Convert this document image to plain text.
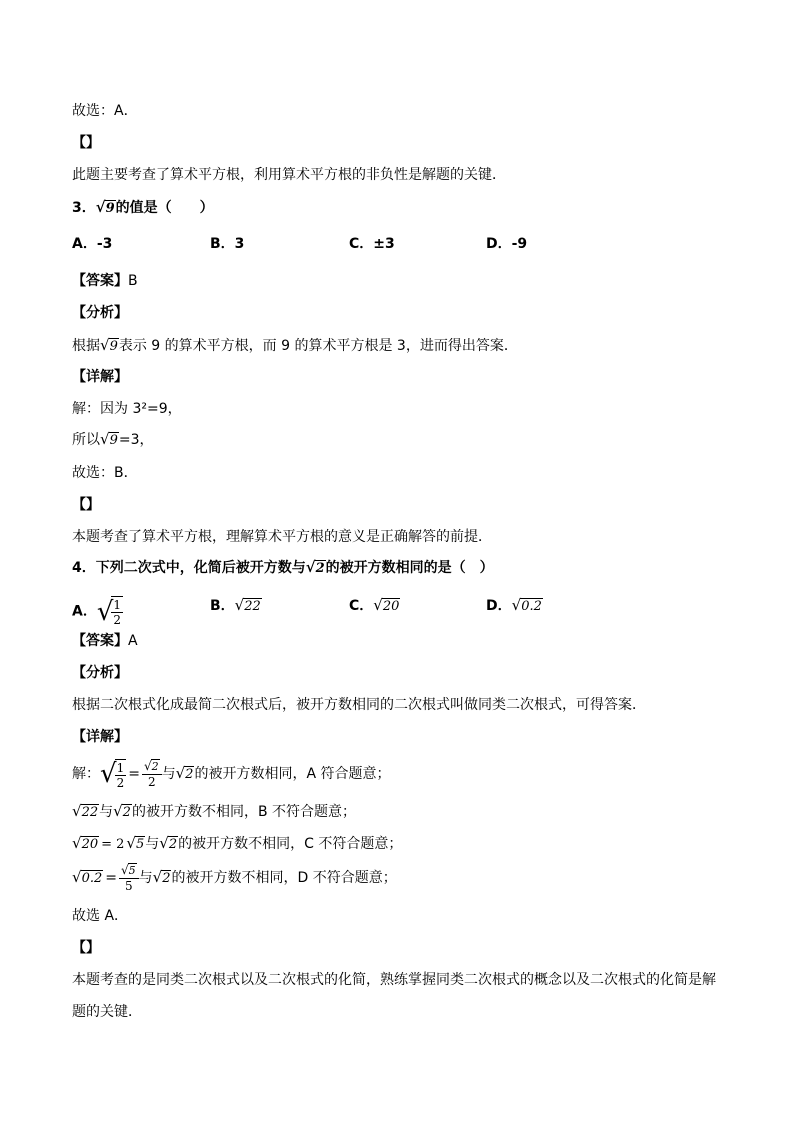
故选：A．
【】
此题主要考查了算术平方根，利用算术平方根的非负性是解题的关键．
3．√9的值是（　　）
A．-3	B．3	C．±3	D．-9
【答案】B
【分析】
根据√9表示 9 的算术平方根，而 9 的算术平方根是 3，进而得出答案．
【详解】
解：因为 3²=9，
所以√9=3，
故选：B．
【】
本题考查了算术平方根，理解算术平方根的意义是正确解答的前提．
4．下列二次式中，化简后被开方数与√2的被开方数相同的是（　）
A． √
$\frac{1}{2}$	B．√22	C．√20	D．√0.2
【答案】A
【分析】
根据二次根式化成最简二次根式后，被开方数相同的二次根式叫做同类二次根式，可得答案．
【详解】
解： √
$\frac{1}{2} = \frac{√2}{2}$ 与 √2 的被开方数相同，A 符合题意；
√22与√2的被开方数不相同，B 不符合题意；
√20 = 2 √5与√2的被开方数不相同，C 不符合题意；
$√0.2 = \frac{√5}{5}$ 与 √2 的被开方数不相同，D 不符合题意；
故选 A．
【】
本题考查的是同类二次根式以及二次根式的化简，熟练掌握同类二次根式的概念以及二次根式的化简是解
题的关键．
